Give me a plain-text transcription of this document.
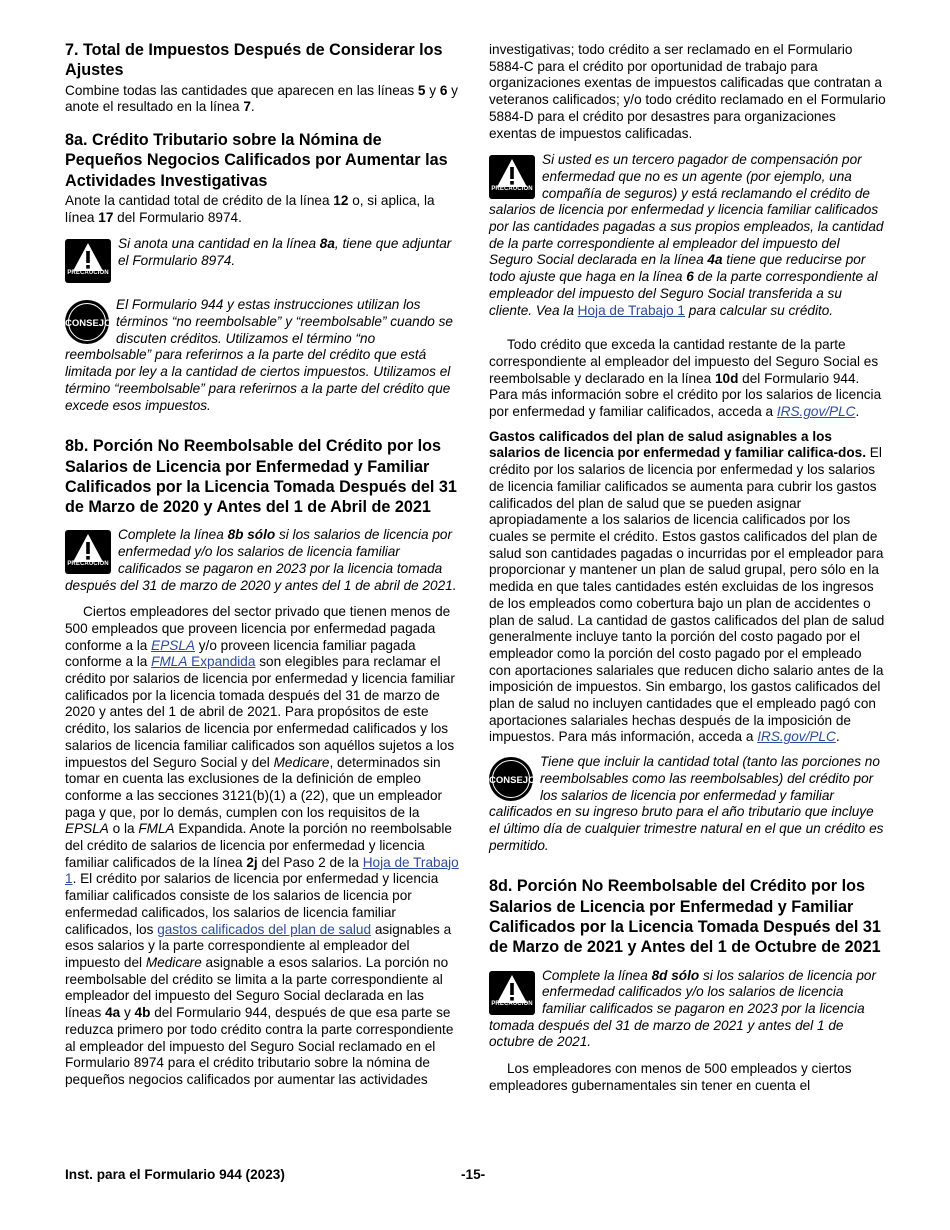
7. Total de Impuestos Después de Considerar los Ajustes

Combine todas las cantidades que aparecen en las líneas 5 y 6 y anote el resultado en la línea 7.

8a. Crédito Tributario sobre la Nómina de Pequeños Negocios Calificados por Aumentar las Actividades Investigativas

Anote la cantidad total de crédito de la línea 12 o, si aplica, la línea 17 del Formulario 8974.

PRECAUCION
Si anota una cantidad en la línea 8a, tiene que adjuntar el Formulario 8974.
CONSEJO
El Formulario 944 y estas instrucciones utilizan los términos “no reembolsable” y “reembolsable” cuando se discuten créditos. Utilizamos el término “no reembolsable” para referirnos a la parte del crédito que está limitada por ley a la cantidad de ciertos impuestos. Utilizamos el término “reembolsable” para referirnos a la parte del crédito que excede esos impuestos.
8b. Porción No Reembolsable del Crédito por los Salarios de Licencia por Enfermedad y Familiar Calificados por la Licencia Tomada Después del 31 de Marzo de 2020 y Antes del 1 de Abril de 2021
PRECAUCION
Complete la línea 8b sólo si los salarios de licencia por enfermedad y/o los salarios de licencia familiar calificados se pagaron en 2023 por la licencia tomada después del 31 de marzo de 2020 y antes del 1 de abril de 2021.

Ciertos empleadores del sector privado que tienen menos de 500 empleados que proveen licencia por enfermedad pagada conforme a la EPSLA y/o proveen licencia familiar pagada conforme a la FMLA Expandida son elegibles para reclamar el crédito por salarios de licencia por enfermedad y licencia familiar calificados por la licencia tomada después del 31 de marzo de 2020 y antes del 1 de abril de 2021. Para propósitos de este crédito, los salarios de licencia por enfermedad calificados y los salarios de licencia familiar calificados son aquéllos sujetos a los impuestos del Seguro Social y del Medicare, determinados sin tomar en cuenta las exclusiones de la definición de empleo conforme a las secciones 3121(b)(1) a (22), que un empleador paga y que, por lo demás, cumplen con los requisitos de la EPSLA o la FMLA Expandida. Anote la porción no reembolsable del crédito de salarios de licencia por enfermedad y licencia familiar calificados de la línea 2j del Paso 2 de la Hoja de Trabajo 1. El crédito por salarios de licencia por enfermedad y licencia familiar calificados consiste de los salarios de licencia por enfermedad calificados, los salarios de licencia familiar calificados, los gastos calificados del plan de salud asignables a esos salarios y la parte correspondiente al empleador del impuesto del Medicare asignable a esos salarios. La porción no reembolsable del crédito se limita a la parte correspondiente al empleador del impuesto del Seguro Social declarada en las líneas 4a y 4b del Formulario 944, después de que esa parte se reduzca primero por todo crédito contra la parte correspondiente al empleador del impuesto del Seguro Social reclamado en el Formulario 8974 para el crédito tributario sobre la nómina de pequeños negocios calificados por aumentar las actividades

investigativas; todo crédito a ser reclamado en el Formulario 5884-C para el crédito por oportunidad de trabajo para organizaciones exentas de impuestos calificadas que contratan a veteranos calificados; y/o todo crédito reclamado en el Formulario 5884-D para el crédito por desastres para organizaciones exentas de impuestos calificadas.

PRECAUCION
Si usted es un tercero pagador de compensación por enfermedad que no es un agente (por ejemplo, una compañía de seguros) y está reclamando el crédito de salarios de licencia por enfermedad y licencia familiar calificados por las cantidades pagadas a sus propios empleados, la cantidad de la parte correspondiente al empleador del impuesto del Seguro Social declarada en la línea 4a tiene que reducirse por todo ajuste que haga en la línea 6 de la parte correspondiente al empleador del impuesto del Seguro Social transferida a su cliente. Vea la Hoja de Trabajo 1 para calcular su crédito.

Todo crédito que exceda la cantidad restante de la parte correspondiente al empleador del impuesto del Seguro Social es reembolsable y declarado en la línea 10d del Formulario 944. Para más información sobre el crédito por los salarios de licencia por enfermedad y familiar calificados, acceda a IRS.gov/PLC.

Gastos calificados del plan de salud asignables a los salarios de licencia por enfermedad y familiar califica-dos. El crédito por los salarios de licencia por enfermedad y los salarios de licencia familiar calificados se aumenta para cubrir los gastos calificados del plan de salud que se pueden asignar apropiadamente a los salarios de licencia calificados por los cuales se permite el crédito. Estos gastos calificados del plan de salud son cantidades pagadas o incurridas por el empleador para proporcionar y mantener un plan de salud grupal, pero sólo en la medida en que tales cantidades estén excluidas de los ingresos de los empleados como cobertura bajo un plan de accidentes o plan de salud. La cantidad de gastos calificados del plan de salud generalmente incluye tanto la porción del costo pagado por el empleador como la porción del costo pagado por el empleado con aportaciones salariales que reducen dicho salario antes de la imposición de impuestos. Sin embargo, los gastos calificados del plan de salud no incluyen cantidades que el empleado pagó con aportaciones salariales hechas después de la imposición de impuestos. Para más información, acceda a IRS.gov/PLC.

CONSEJO
Tiene que incluir la cantidad total (tanto las porciones no reembolsables como las reembolsables) del crédito por los salarios de licencia por enfermedad y familiar calificados en su ingreso bruto para el año tributario que incluye el último día de cualquier trimestre natural en el que un crédito es permitido.
8d. Porción No Reembolsable del Crédito por los Salarios de Licencia por Enfermedad y Familiar Calificados por la Licencia Tomada Después del 31 de Marzo de 2021 y Antes del 1 de Octubre de 2021
PRECAUCION
Complete la línea 8d sólo si los salarios de licencia por enfermedad calificados y/o los salarios de licencia familiar calificados se pagaron en 2023 por la licencia tomada después del 31 de marzo de 2021 y antes del 1 de octubre de 2021.

Los empleadores con menos de 500 empleados y ciertos empleadores gubernamentales sin tener en cuenta el

Inst. para el Formulario 944 (2023)	-15-
